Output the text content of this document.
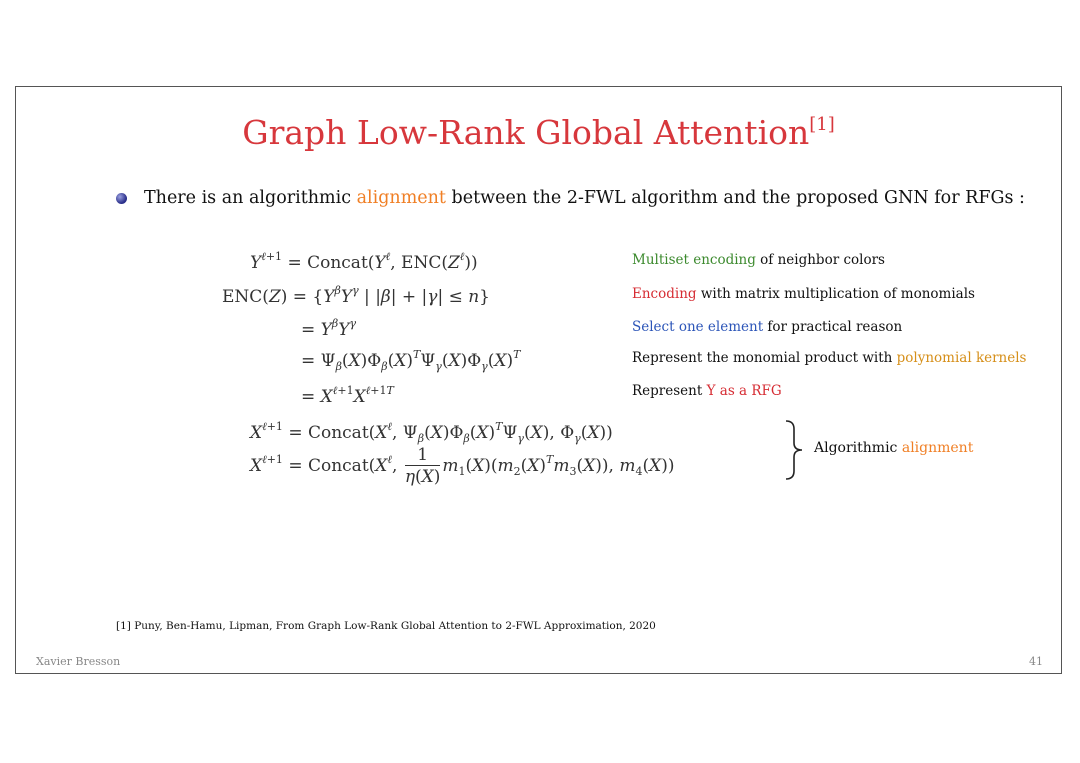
Graph Low-Rank Global Attention[1]
There is an algorithmic alignment between the 2-FWL algorithm and the proposed GNN for RFGs :
$Y^{\ell+1}$ = $Concat(Y^\ell$, $ENC(Z^\ell)$)
$ENC(Z) = \{Y^\beta Y^\gamma$ | |β| + |γ| ≤ n}
= $Y^\beta Y^\gamma$
= $\Psi_\beta(X)\Phi_\beta(X)^T\Psi_\gamma(X)\Phi_\gamma(X)^T$
= $X^{\ell+1}X^{\ell+1T}$
$X^{\ell+1}$ = $Concat(X^\ell$, $\Psi_\beta(X)\Phi_\beta(X)^T\Psi_\gamma(X)$, $\Phi_\gamma(X)$)
$X^{\ell+1}$ = $Concat(X^\ell$, $\frac{1}{\eta(X)} m_1(X)(m_2(X)^Tm_3(X))$, $m_4(X)$)
Multiset encoding of neighbor colors
Encoding with matrix multiplication of monomials
Select one element for practical reason
Represent the monomial product with polynomial kernels
Represent Y as a RFG
Algorithmic alignment
[1] Puny, Ben-Hamu, Lipman, From Graph Low-Rank Global Attention to 2-FWL Approximation, 2020
Xavier Bresson	41
